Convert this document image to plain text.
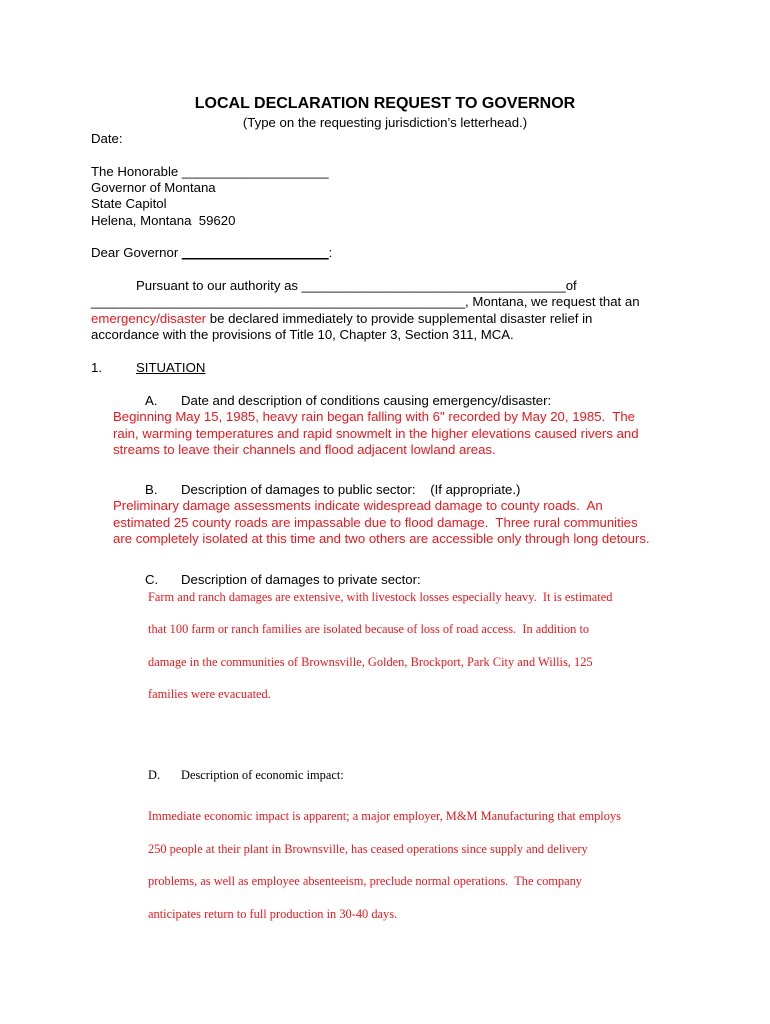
LOCAL DECLARATION REQUEST TO GOVERNOR
(Type on the requesting jurisdiction’s letterhead.)
Date:
The Honorable ____________________
Governor of Montana
State Capitol
Helena, Montana  59620
Dear Governor ____________________:
Pursuant to our authority as ____________________________________of
___________________________________________________, Montana, we request that an
emergency/disaster be declared immediately to provide supplemental disaster relief in
accordance with the provisions of Title 10, Chapter 3, Section 311, MCA.
1.	SITUATION
A. Date and description of conditions causing emergency/disaster:
Beginning May 15, 1985, heavy rain began falling with 6" recorded by May 20, 1985.  The
rain, warming temperatures and rapid snowmelt in the higher elevations caused rivers and
streams to leave their channels and flood adjacent lowland areas.
B. Description of damages to public sector:    (If appropriate.)
Preliminary damage assessments indicate widespread damage to county roads.  An
estimated 25 county roads are impassable due to flood damage.  Three rural communities
are completely isolated at this time and two others are accessible only through long detours.
C. Description of damages to private sector:
Farm and ranch damages are extensive, with livestock losses especially heavy.  It is estimated
that 100 farm or ranch families are isolated because of loss of road access.  In addition to
damage in the communities of Brownsville, Golden, Brockport, Park City and Willis, 125
families were evacuated.
D. Description of economic impact:
Immediate economic impact is apparent; a major employer, M&M Manufacturing that employs
250 people at their plant in Brownsville, has ceased operations since supply and delivery
problems, as well as employee absenteeism, preclude normal operations.  The company
anticipates return to full production in 30-40 days.
